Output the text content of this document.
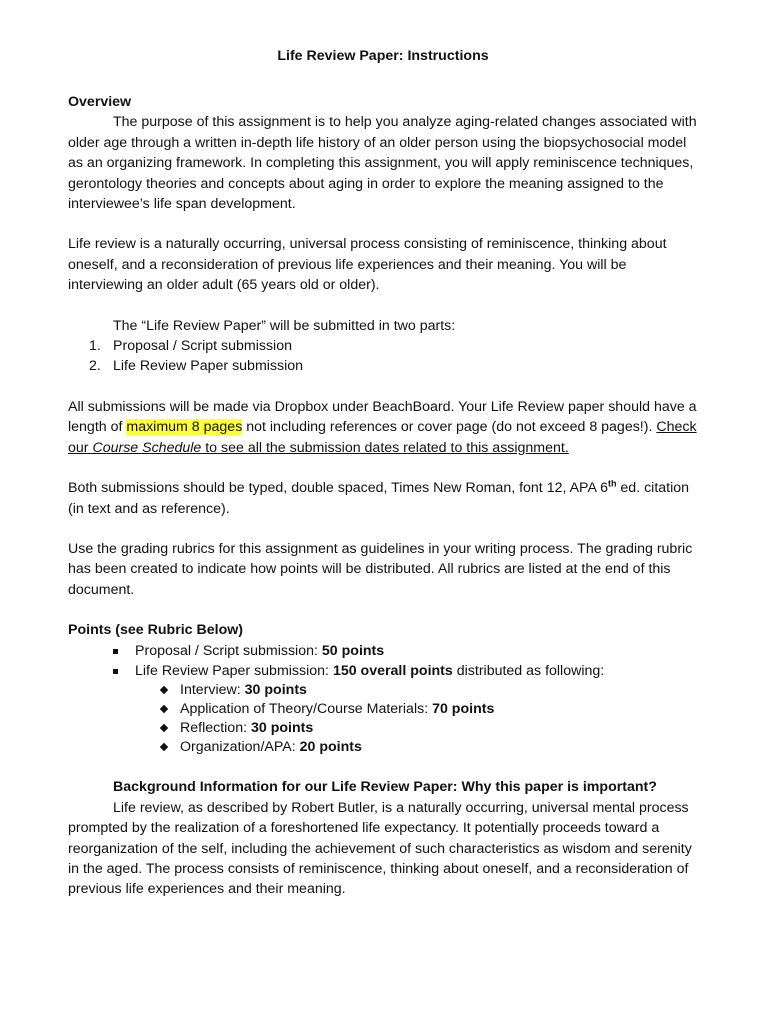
Life Review Paper: Instructions

Overview

The purpose of this assignment is to help you analyze aging-related changes associated with older age through a written in-depth life history of an older person using the biopsychosocial model as an organizing framework. In completing this assignment, you will apply reminiscence techniques, gerontology theories and concepts about aging in order to explore the meaning assigned to the interviewee’s life span development.

Life review is a naturally occurring, universal process consisting of reminiscence, thinking about oneself, and a reconsideration of previous life experiences and their meaning. You will be interviewing an older adult (65 years old or older).

The “Life Review Paper” will be submitted in two parts:

1. Proposal / Script submission
2. Life Review Paper submission

All submissions will be made via Dropbox under BeachBoard. Your Life Review paper should have a length of maximum 8 pages not including references or cover page (do not exceed 8 pages!). Check our Course Schedule to see all the submission dates related to this assignment.

Both submissions should be typed, double spaced, Times New Roman, font 12, APA 6th ed. citation (in text and as reference).

Use the grading rubrics for this assignment as guidelines in your writing process. The grading rubric has been created to indicate how points will be distributed. All rubrics are listed at the end of this document.

Points (see Rubric Below)

Proposal / Script submission: 50 points
Life Review Paper submission: 150 overall points distributed as following:
Interview: 30 points
Application of Theory/Course Materials: 70 points
Reflection: 30 points
Organization/APA: 20 points

Background Information for our Life Review Paper: Why this paper is important?

Life review, as described by Robert Butler, is a naturally occurring, universal mental process prompted by the realization of a foreshortened life expectancy. It potentially proceeds toward a reorganization of the self, including the achievement of such characteristics as wisdom and serenity in the aged. The process consists of reminiscence, thinking about oneself, and a reconsideration of previous life experiences and their meaning.
